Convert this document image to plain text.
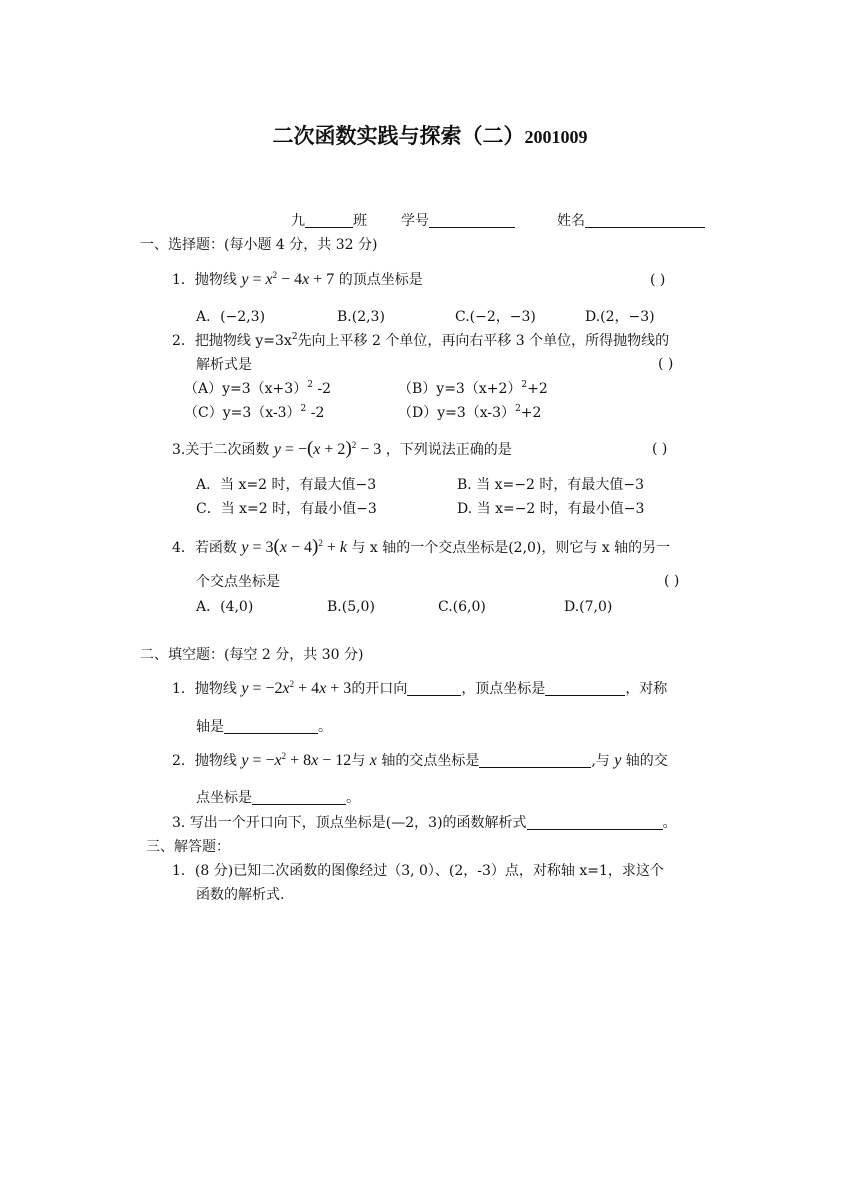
二次函数实践与探索（二）2001009
九	班 学号	姓名
一、选择题：(每小题 4 分，共 32 分)
1．抛物线 $y = x^2 - 4x + 7$ 的顶点坐标是	( )
A．(−2,3)	B.(2,3)	C.(−2，−3)	D.(2，−3)
2．把抛物线 $y=3x^2$先向上平移 2 个单位，再向右平移 3 个单位，所得抛物线的
解析式是	( )
$(A)y=3(x+3)^2$ -2	$(B)y=3(x+2)^2+2$
$(C)y=3(x-3)^2$ -2	$(D)y=3(x-3)^2+2$
3.关于二次函数 $y = -(x + 2)^2 - 3$ ，下列说法正确的是	( )
A．当 x=2 时，有最大值−3	B. 当 x=−2 时，有最大值−3
C．当 x=2 时，有最小值−3	D. 当 x=−2 时，有最小值−3
4．若函数 $y = 3(x - 4)^2 + k$ 与 x 轴的一个交点坐标是(2,0)，则它与 x 轴的另一
个交点坐标是	( )
A．(4,0)	B.(5,0)	C.(6,0)	D.(7,0)
二、填空题：(每空 2 分，共 30 分)
1．抛物线 $y = -2x^2 + 4x + 3$的开口向	，顶点坐标是	，对称
轴是	。
2．抛物线 $y = -x^2 + 8x - 12$与 x 轴的交点坐标是	,与 y 轴的交
点坐标是	。
3. 写出一个开口向下，顶点坐标是(—2，3)的函数解析式	。
三、解答题：
1．(8 分)已知二次函数的图像经过（3, 0）、(2，-3）点，对称轴 x=1，求这个
函数的解析式.
